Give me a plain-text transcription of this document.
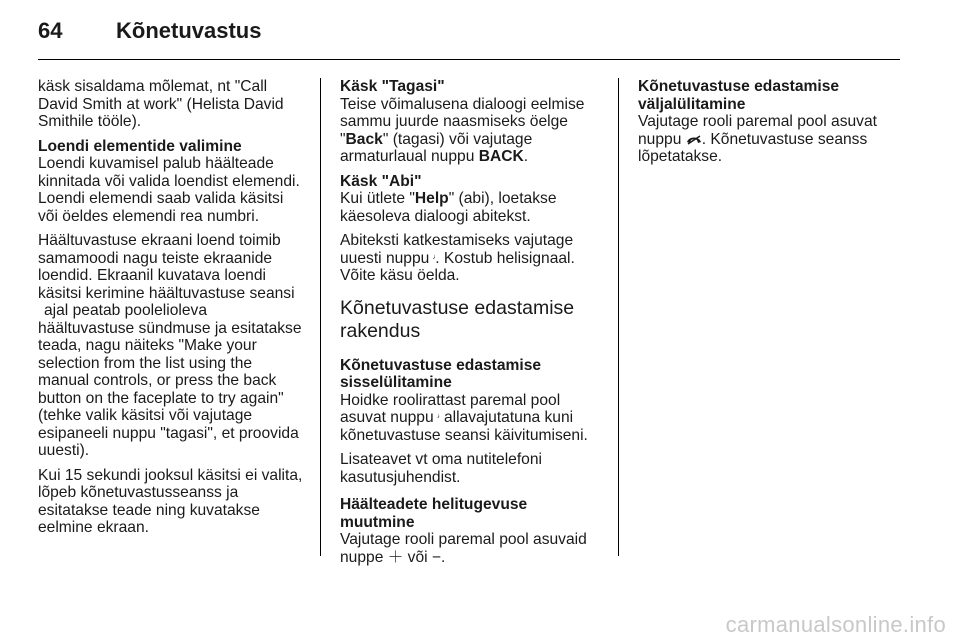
64	Kõnetuvastus

käsk sisaldama mõlemat, nt "Call David Smith at work" (Helista David Smithile tööle).

Loendi elementide valimine

Loendi kuvamisel palub häälteade kinnitada või valida loendist elemendi. Loendi elemendi saab valida käsitsi või öeldes elemendi rea numbri.

Häältuvastuse ekraani loend toimib samamoodi nagu teiste ekraanide loendid. Ekraanil kuvatava loendi käsitsi kerimine häältuvastuse seansi ajal peatab poolelioleva häältuvastuse sündmuse ja esitatakse teada, nagu näiteks "Make your selection from the list using the manual controls, or press the back button on the faceplate to try again" (tehke valik käsitsi või vajutage esipaneeli nuppu "tagasi", et proovida uuesti).

Kui 15 sekundi jooksul käsitsi ei valita, lõpeb kõnetuvastusseanss ja esitatakse teade ning kuvatakse eelmine ekraan.

Käsk "Tagasi"

Teise võimalusena dialoogi eelmise sammu juurde naasmiseks öelge "Back" (tagasi) või vajutage armaturlaual nuppu BACK.

Käsk "Abi"

Kui ütlete "Help" (abi), loetakse käesoleva dialoogi abitekst.

Abiteksti katkestamiseks vajutage uuesti nuppu 𝆞. Kostub helisignaal. Võite käsu öelda.

Kõnetuvastuse edastamise rakendus
Kõnetuvastuse edastamise
sisselülitamine

Hoidke roolirattast paremal pool asuvat nuppu 𝆞 allavajutatuna kuni kõnetuvastuse seansi käivitumiseni.

Lisateavet vt oma nutitelefoni kasutusjuhendist.

Häälteadete helitugevuse muutmine

Vajutage rooli paremal pool asuvaid nuppe ＋ või −.

Kõnetuvastuse edastamise
väljalülitamine

Vajutage rooli paremal pool asuvat nuppu . Kõnetuvastuse seanss lõpetatakse.

carmanualsonline.info
